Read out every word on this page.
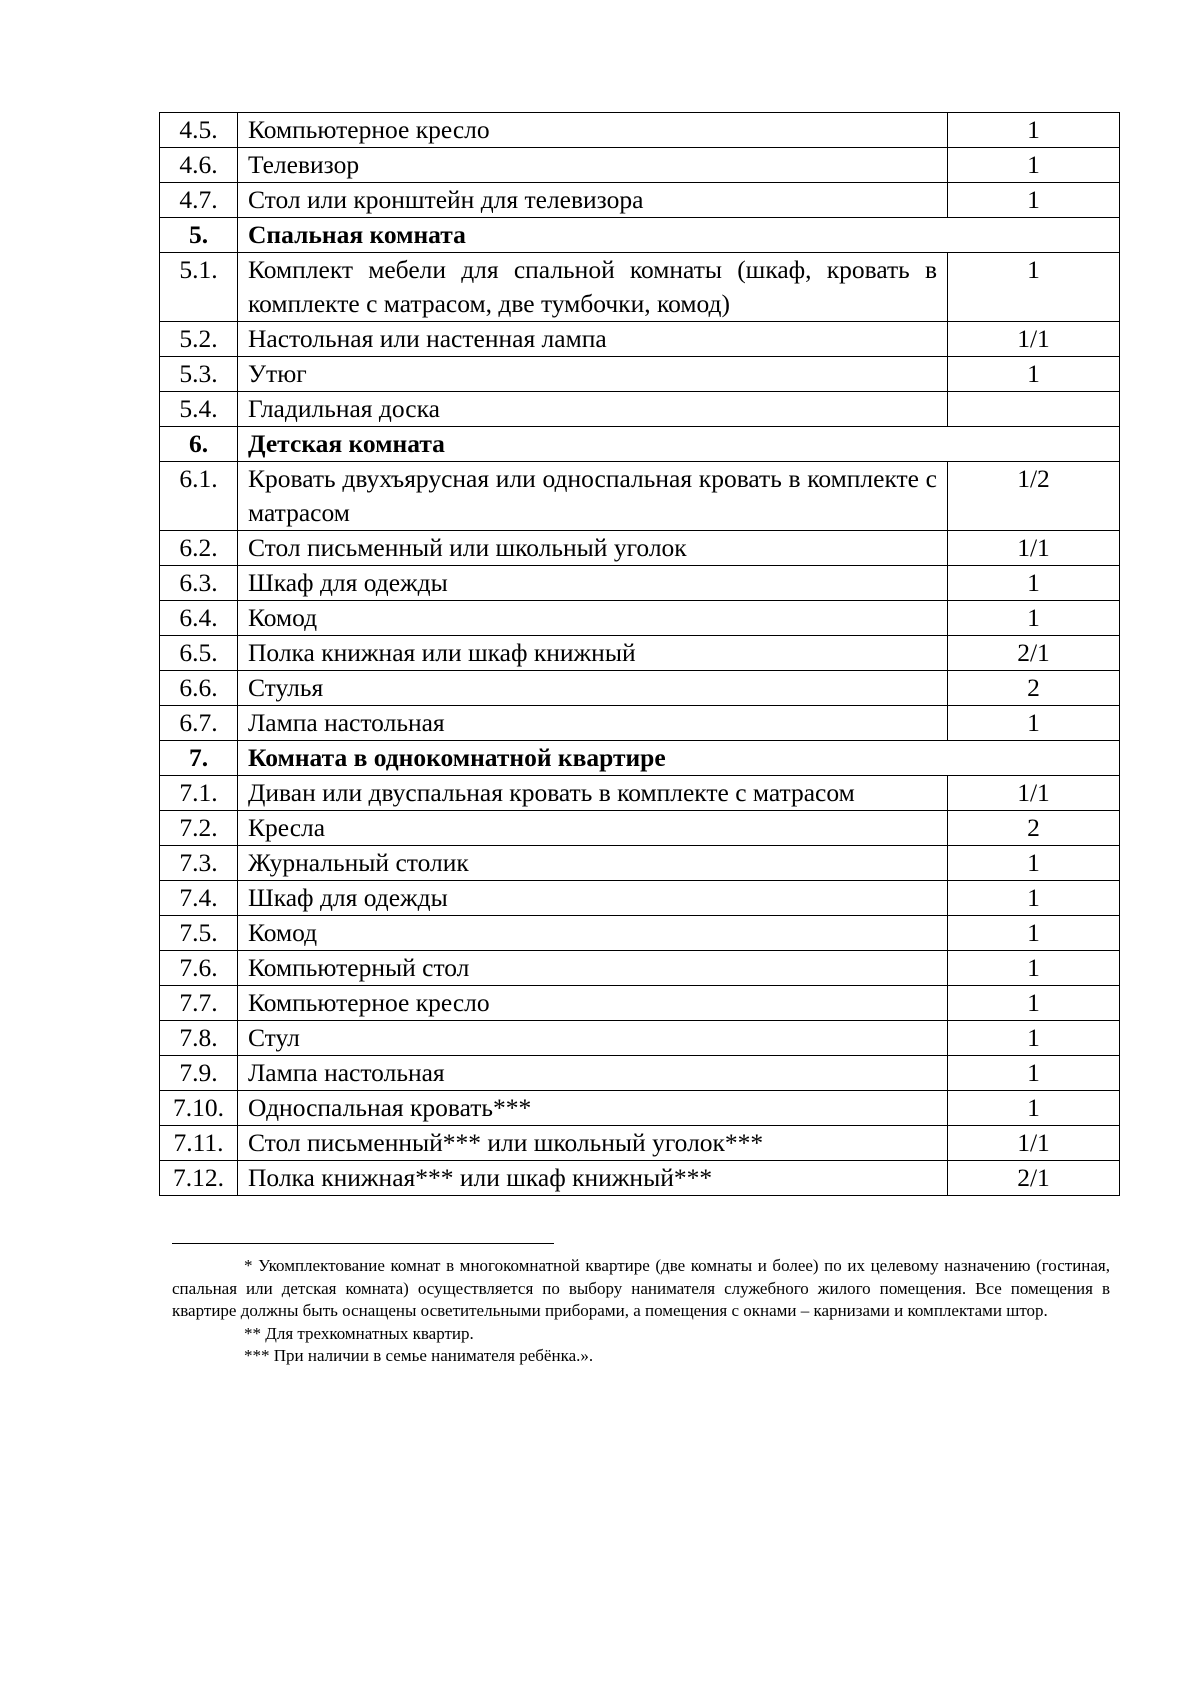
4.5.	Компьютерное кресло	1
4.6.	Телевизор	1
4.7.	Стол или кронштейн для телевизора	1
5.	Спальная комната	
5.1.	Комплект мебели для спальной комнаты (шкаф, кровать в комплекте с матрасом, две тумбочки, комод)	1
5.2.	Настольная или настенная лампа	1/1
5.3.	Утюг	1
5.4.	Гладильная доска	
6.	Детская комната	
6.1.	Кровать двухъярусная или односпальная кровать в комплекте с матрасом	1/2
6.2.	Стол письменный или школьный уголок	1/1
6.3.	Шкаф для одежды	1
6.4.	Комод	1
6.5.	Полка книжная или шкаф книжный	2/1
6.6.	Стулья	2
6.7.	Лампа настольная	1
7.	Комната в однокомнатной квартире	
7.1.	Диван или двуспальная кровать в комплекте с матрасом	1/1
7.2.	Кресла	2
7.3.	Журнальный столик	1
7.4.	Шкаф для одежды	1
7.5.	Комод	1
7.6.	Компьютерный стол	1
7.7.	Компьютерное кресло	1
7.8.	Стул	1
7.9.	Лампа настольная	1
7.10.	Односпальная кровать***	1
7.11.	Стол письменный*** или школьный уголок***	1/1
7.12.	Полка книжная*** или шкаф книжный***	2/1

* Укомплектование комнат в многокомнатной квартире (две комнаты и более) по их целевому назначению (гостиная, спальная или детская комната) осуществляется по выбору нанимателя служебного жилого помещения. Все помещения в квартире должны быть оснащены осветительными приборами, а помещения с окнами – карнизами и комплектами штор.

** Для трехкомнатных квартир.

*** При наличии в семье нанимателя ребёнка.».
